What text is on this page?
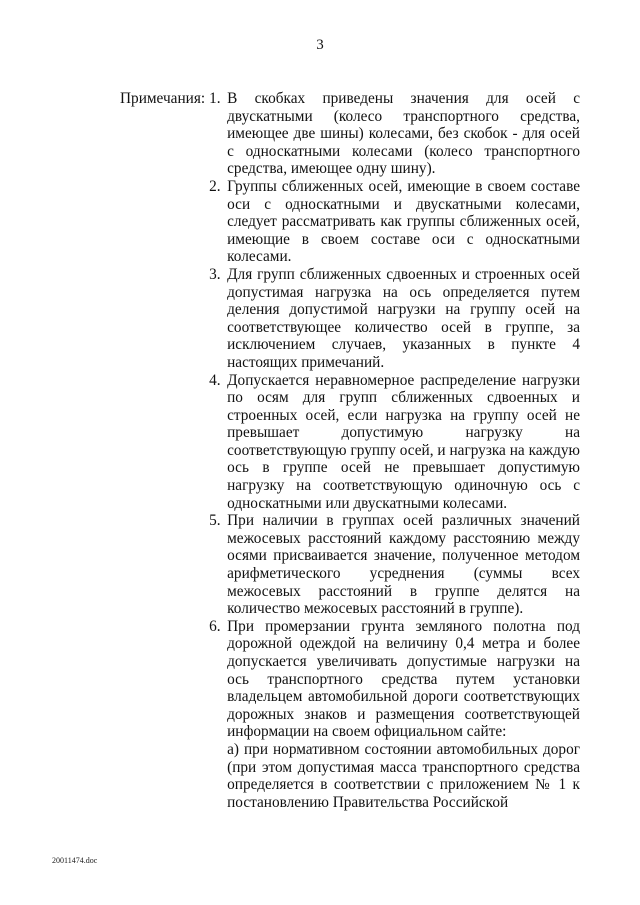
3
Примечания: 1. В скобках приведены значения для осей с двускатными (колесо транспортного средства, имеющее две шины) колесами, без скобок - для осей с односкатными колесами (колесо транспортного средства, имеющее одну шину).
2. Группы сближенных осей, имеющие в своем составе оси с односкатными и двускатными колесами, следует рассматривать как группы сближенных осей, имеющие в своем составе оси с односкатными колесами.
3. Для групп сближенных сдвоенных и строенных осей допустимая нагрузка на ось определяется путем деления допустимой нагрузки на группу осей на соответствующее количество осей в группе, за исключением случаев, указанных в пункте 4 настоящих примечаний.
4. Допускается неравномерное распределение нагрузки по осям для групп сближенных сдвоенных и строенных осей, если нагрузка на группу осей не превышает допустимую нагрузку на соответствующую группу осей, и нагрузка на каждую ось в группе осей не превышает допустимую нагрузку на соответствующую одиночную ось с односкатными или двускатными колесами.
5. При наличии в группах осей различных значений межосевых расстояний каждому расстоянию между осями присваивается значение, полученное методом арифметического усреднения (суммы всех межосевых расстояний в группе делятся на количество межосевых расстояний в группе).
6. При промерзании грунта земляного полотна под дорожной одеждой на величину 0,4 метра и более допускается увеличивать допустимые нагрузки на ось транспортного средства путем установки владельцем автомобильной дороги соответствующих дорожных знаков и размещения соответствующей информации на своем официальном сайте:
а) при нормативном состоянии автомобильных дорог (при этом допустимая масса транспортного средства определяется в соответствии с приложением № 1 к постановлению Правительства Российской
20011474.doc
